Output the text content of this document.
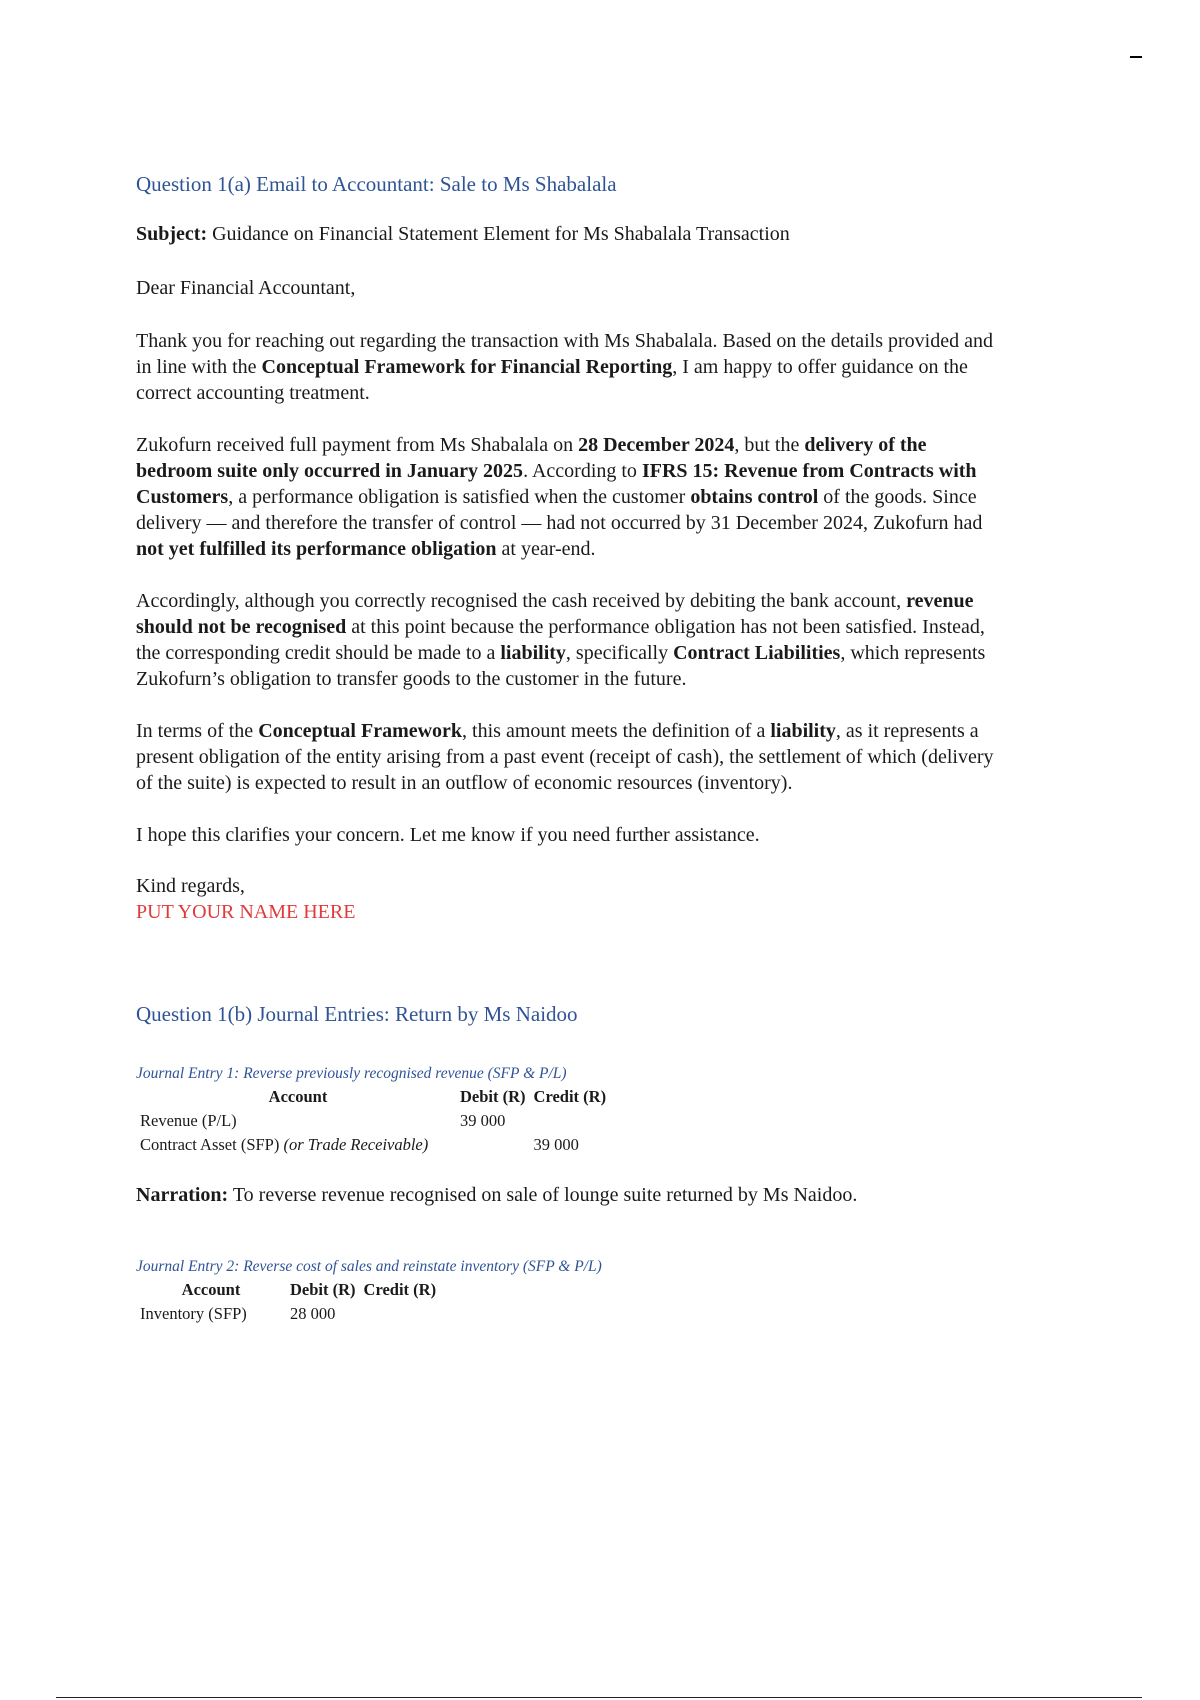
Question 1(a) Email to Accountant: Sale to Ms Shabalala

Subject: Guidance on Financial Statement Element for Ms Shabalala Transaction

Dear Financial Accountant,

Thank you for reaching out regarding the transaction with Ms Shabalala. Based on the details provided and in line with the Conceptual Framework for Financial Reporting, I am happy to offer guidance on the correct accounting treatment.

Zukofurn received full payment from Ms Shabalala on 28 December 2024, but the delivery of the bedroom suite only occurred in January 2025. According to IFRS 15: Revenue from Contracts with Customers, a performance obligation is satisfied when the customer obtains control of the goods. Since delivery — and therefore the transfer of control — had not occurred by 31 December 2024, Zukofurn had not yet fulfilled its performance obligation at year-end.

Accordingly, although you correctly recognised the cash received by debiting the bank account, revenue should not be recognised at this point because the performance obligation has not been satisfied. Instead, the corresponding credit should be made to a liability, specifically Contract Liabilities, which represents Zukofurn’s obligation to transfer goods to the customer in the future.

In terms of the Conceptual Framework, this amount meets the definition of a liability, as it represents a present obligation of the entity arising from a past event (receipt of cash), the settlement of which (delivery of the suite) is expected to result in an outflow of economic resources (inventory).

I hope this clarifies your concern. Let me know if you need further assistance.

Kind regards,

PUT YOUR NAME HERE

Question 1(b) Journal Entries: Return by Ms Naidoo

Journal Entry 1: Reverse previously recognised revenue (SFP & P/L)

Account	Debit (R)	Credit (R)
Revenue (P/L)	39 000	
Contract Asset (SFP) (or Trade Receivable)		39 000

Narration: To reverse revenue recognised on sale of lounge suite returned by Ms Naidoo.

Journal Entry 2: Reverse cost of sales and reinstate inventory (SFP & P/L)

Account	Debit (R)	Credit (R)
Inventory (SFP)	28 000	
